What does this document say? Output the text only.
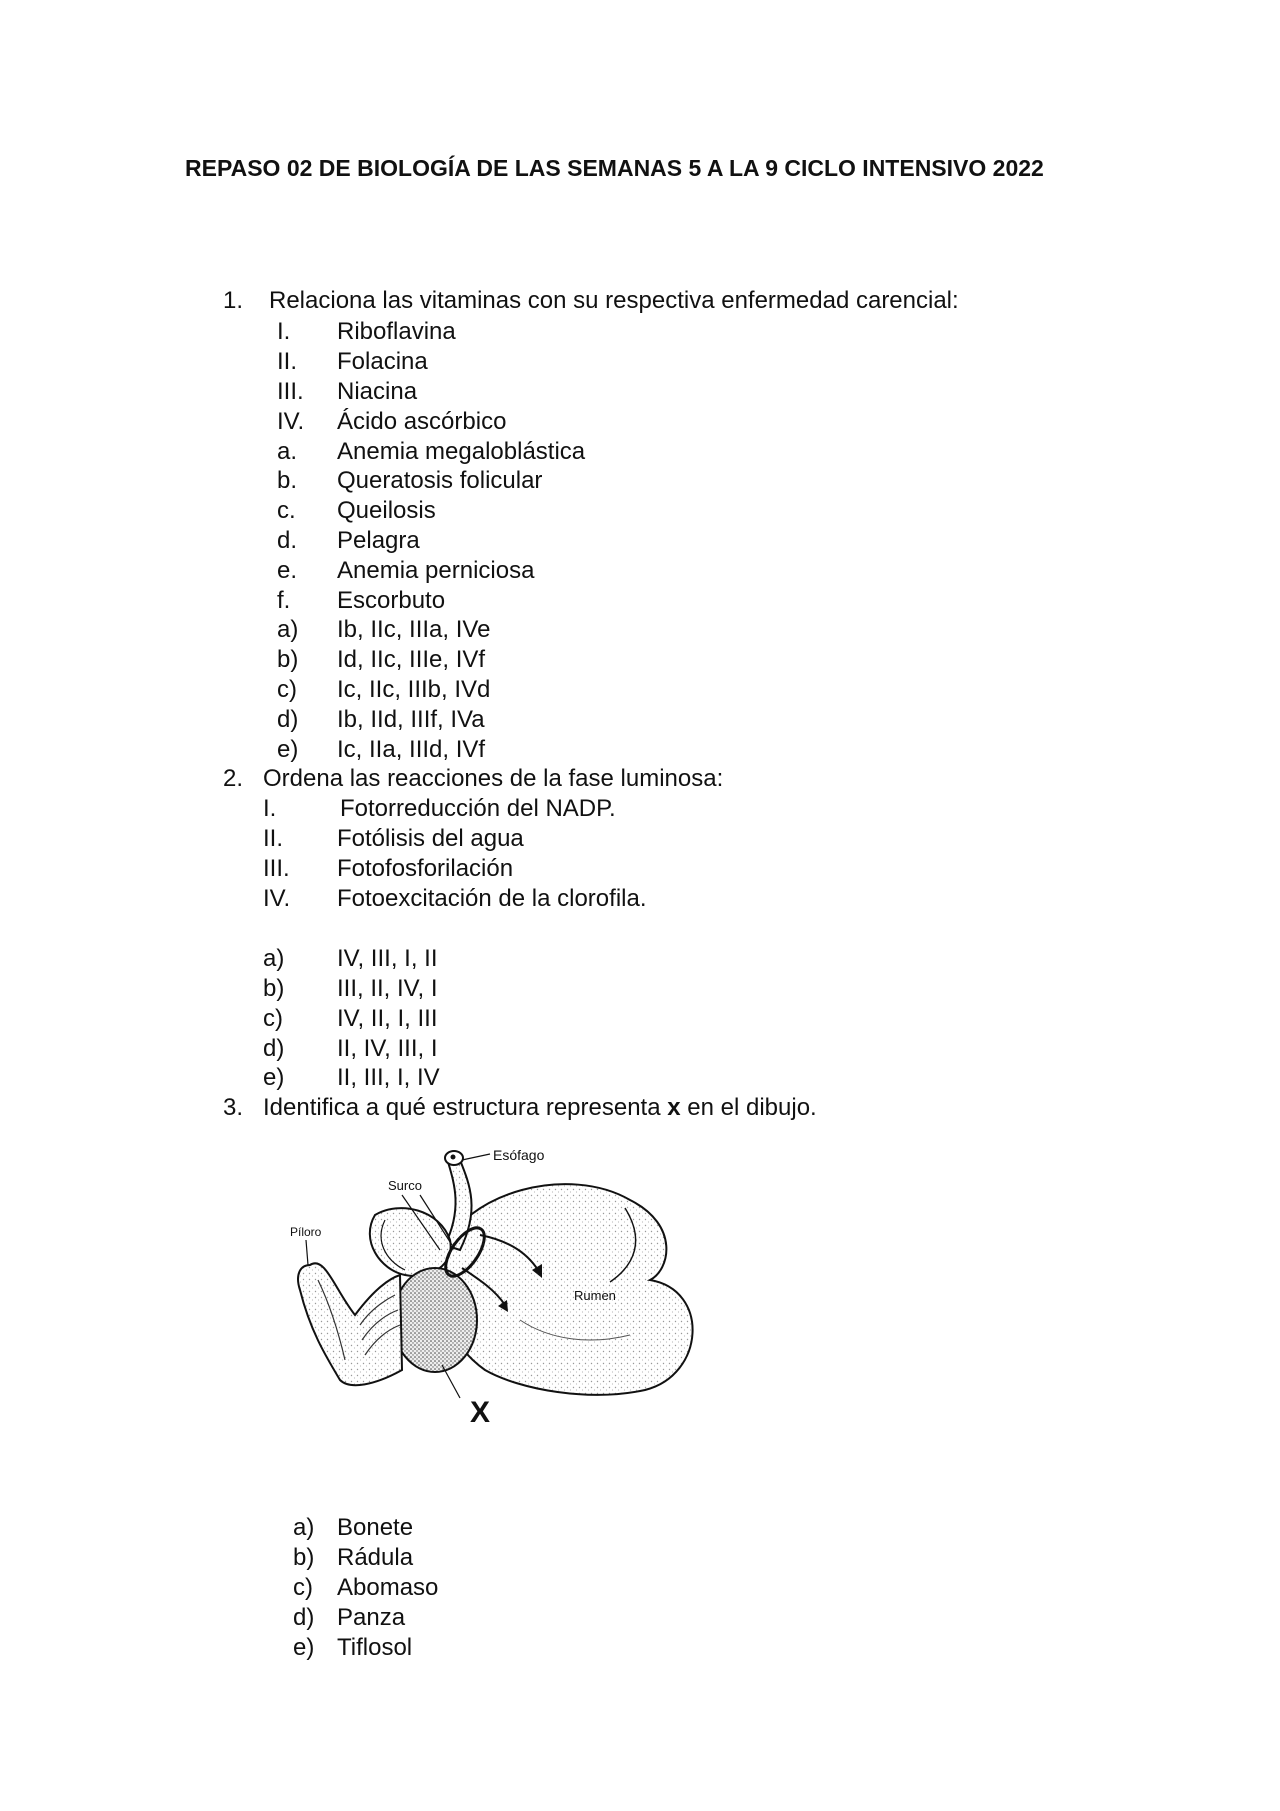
REPASO 02 DE BIOLOGÍA DE LAS SEMANAS 5 A LA 9 CICLO INTENSIVO 2022
1. Relaciona las vitaminas con su respectiva enfermedad carencial:
I. Riboflavina
II. Folacina
III. Niacina
IV. Ácido ascórbico
a. Anemia megaloblástica
b. Queratosis folicular
c. Queilosis
d. Pelagra
e. Anemia perniciosa
f. Escorbuto
a) Ib, IIc, IIIa, IVe
b) Id, IIc, IIIe, IVf
c) Ic, IIc, IIIb, IVd
d) Ib, IId, IIIf, IVa
e) Ic, IIa, IIId, IVf
2. Ordena las reacciones de la fase luminosa:
I.	Fotorreducción del NADP.
II. Fotólisis del agua
III. Fotofosforilación
IV. Fotoexcitación de la clorofila.
a) IV, III, I, II
b) III, II, IV, I
c) IV, II, I, III
d) II, IV, III, I
e) II, III, I, IV
3. Identifica a qué estructura representa x en el dibujo.
Esófago
Surco
Píloro
Rumen
X
a) Bonete
b) Rádula
c) Abomaso
d) Panza
e) Tiflosol
